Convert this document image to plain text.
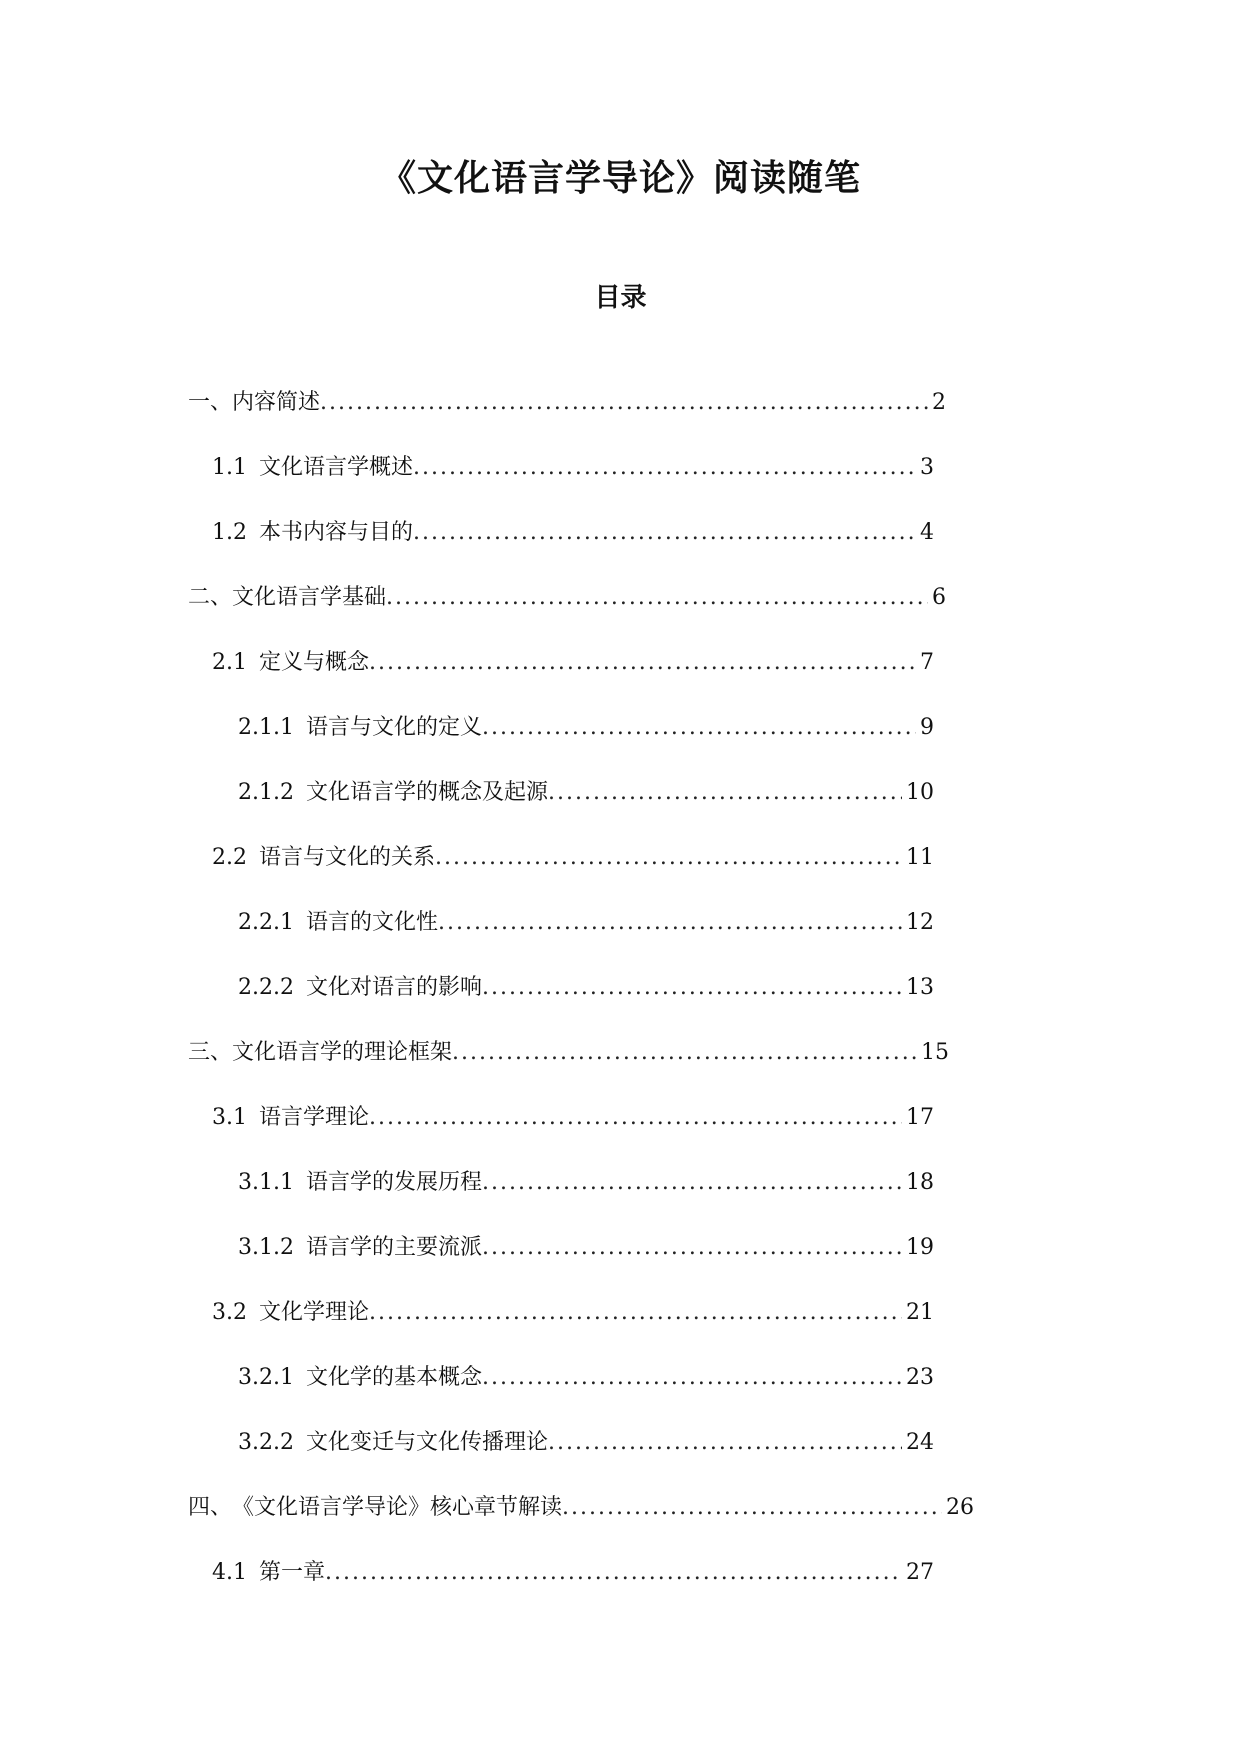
《文化语言学导论》阅读随笔
目录
一、 内容简述 .....	2
1.1 文化语言学概述 .....	3
1.2 本书内容与目的 .....	4
二、 文化语言学基础 .....	6
2.1 定义与概念 .....	7
2.1.1 语言与文化的定义 .....	9
2.1.2 文化语言学的概念及起源 .....	10
2.2 语言与文化的关系 .....	11
2.2.1 语言的文化性 .....	12
2.2.2 文化对语言的影响 .....	13
三、 文化语言学的理论框架 .....	15
3.1 语言学理论 .....	17
3.1.1 语言学的发展历程 .....	18
3.1.2 语言学的主要流派 .....	19
3.2 文化学理论 .....	21
3.2.1 文化学的基本概念 .....	23
3.2.2 文化变迁与文化传播理论 .....	24
四、 《文化语言学导论》核心章节解读 .....	26
4.1 第一章 .....	27
